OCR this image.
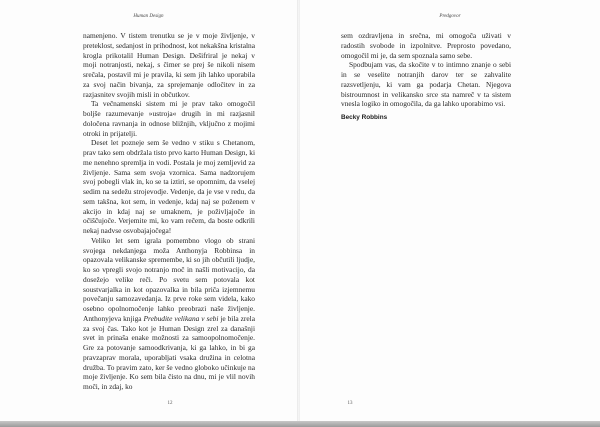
Human Design

namenjeno. V tistem trenutku se je v moje življenje, v preteklost, sedanjost in prihodnost, kot nekakšna kristalna krogla prikotalil Human Design. Dešifriral je nekaj v moji notranjosti, nekaj, s čimer se prej še nikoli nisem srečala, postavil mi je pravila, ki sem jih lahko uporabila za svoj način bivanja, za sprejemanje odločitev in za razjasnitev svojih misli in občutkov.

Ta večnamenski sistem mi je prav tako omogočil boljše razumevanje »ustroja« drugih in mi razjasnil določena ravnanja in odnose bližnjih, vključno z mojimi otroki in prijatelji.

Deset let pozneje sem še vedno v stiku s Chetanom, prav tako sem obdržala tisto prvo karto Human Design, ki me nenehno spremlja in vodi. Postala je moj zemljevid za življenje. Sama sem svoja vzornica. Sama nadzorujem svoj pobegli vlak in, ko se ta iztiri, se opomnim, da vselej sedim na sedežu strojevodje. Vedenje, da je vse v redu, da sem takšna, kot sem, in vedenje, kdaj naj se poženem v akcijo in kdaj naj se umaknem, je poživljajoče in očiščujoče. Verjemite mi, ko vam rečem, da boste odkrili nekaj nadvse osvobajajočega!

Veliko let sem igrala pomembno vlogo ob strani svojega nekdanjega moža Anthonyja Robbinsa in opazovala velikanske spremembe, ki so jih občutili ljudje, ko so vpregli svojo notranjo moč in našli motivacijo, da dosežejo velike reči. Po svetu sem potovala kot soustvarjalka in kot opazovalka in bila priča izjemnemu povečanju samozavedanja. Iz prve roke sem videla, kako osebno opolnomočenje lahko preobrazi naše življenje. Anthonyjeva knjiga Prebudite velikana v sebi je bila zrela za svoj čas. Tako kot je Human Design zrel za današnji svet in prinaša enake možnosti za samoopolnomočenje. Gre za potovanje samoodkrivanja, ki ga lahko, in bi ga pravzaprav morala, uporabljati vsaka družina in celotna družba. To pravim zato, ker še vedno globoko učinkuje na moje življenje. Ko sem bila čisto na dnu, mi je vlil novih moči, in zdaj, ko

12
Predgovor

sem ozdravljena in srečna, mi omogoča uživati v radostih svobode in izpolnitve. Preprosto povedano, omogočil mi je, da sem spoznala samo sebe.

Spodbujam vas, da skočite v to intimno znanje o sebi in se veselite notranjih darov ter se zahvalite razsvetljenju, ki vam ga podarja Chetan. Njegova bistroumnost in velikansko srce sta namreč v ta sistem vnesla logiko in omogočila, da ga lahko uporabimo vsi.

Becky Robbins
13
